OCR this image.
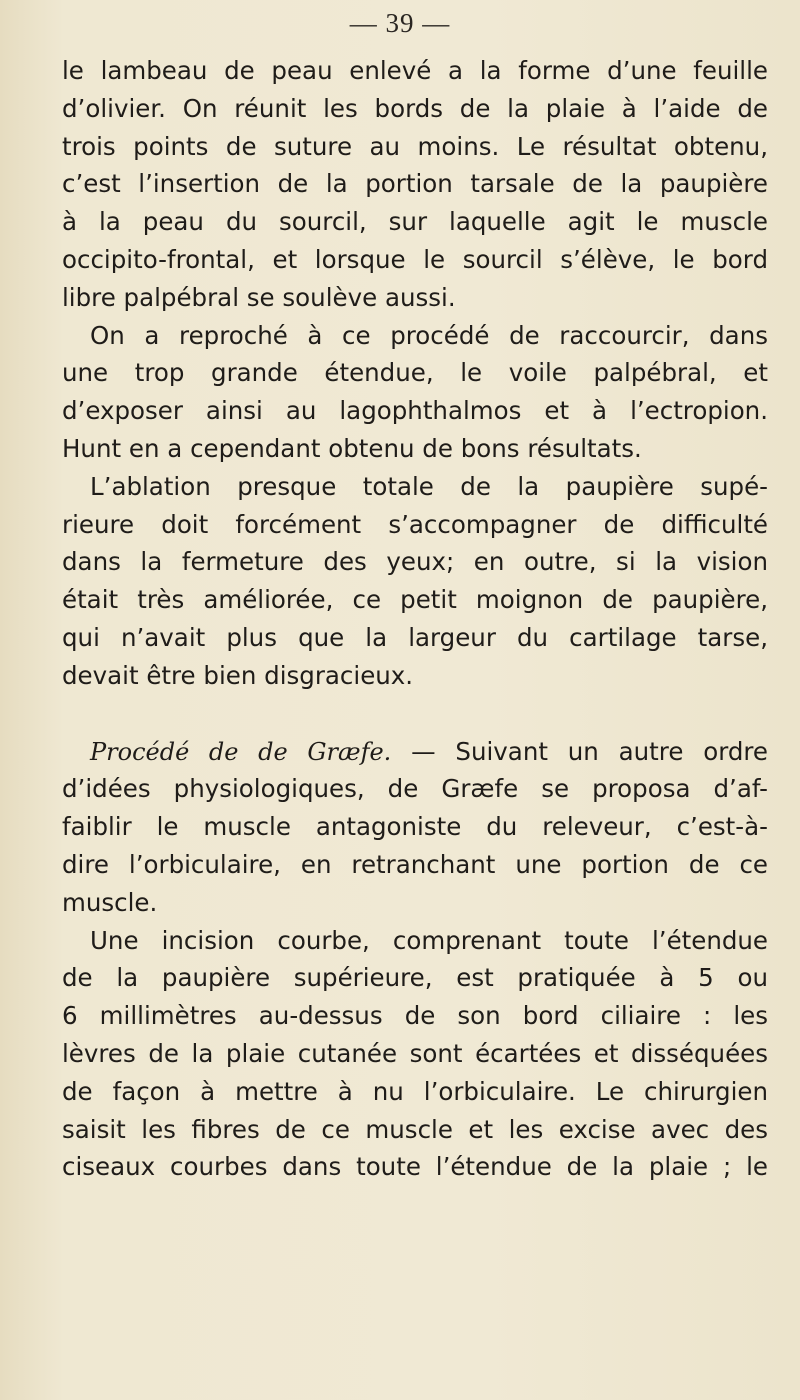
— 39 —
le lambeau de peau enlevé a la forme d’une feuille
d’olivier. On réunit les bords de la plaie à l’aide de
trois points de suture au moins. Le résultat obtenu,
c’est l’insertion de la portion tarsale de la paupière
à la peau du sourcil, sur laquelle agit le muscle
occipito-frontal, et lorsque le sourcil s’élève, le bord
libre palpébral se soulève aussi.
On a reproché à ce procédé de raccourcir, dans
une trop grande étendue, le voile palpébral, et
d’exposer ainsi au lagophthalmos et à l’ectropion.
Hunt en a cependant obtenu de bons résultats.
L’ablation presque totale de la paupière supé-
rieure doit forcément s’accompagner de difficulté
dans la fermeture des yeux; en outre, si la vision
était très améliorée, ce petit moignon de paupière,
qui n’avait plus que la largeur du cartilage tarse,
devait être bien disgracieux.
Procédé de de Græfe. — Suivant un autre ordre
d’idées physiologiques, de Græfe se proposa d’af-
faiblir le muscle antagoniste du releveur, c’est-à-
dire l’orbiculaire, en retranchant une portion de ce
muscle.
Une incision courbe, comprenant toute l’étendue
de la paupière supérieure, est pratiquée à 5 ou
6 millimètres au-dessus de son bord ciliaire : les
lèvres de la plaie cutanée sont écartées et disséquées
de façon à mettre à nu l’orbiculaire. Le chirurgien
saisit les fibres de ce muscle et les excise avec des
ciseaux courbes dans toute l’étendue de la plaie ; le
